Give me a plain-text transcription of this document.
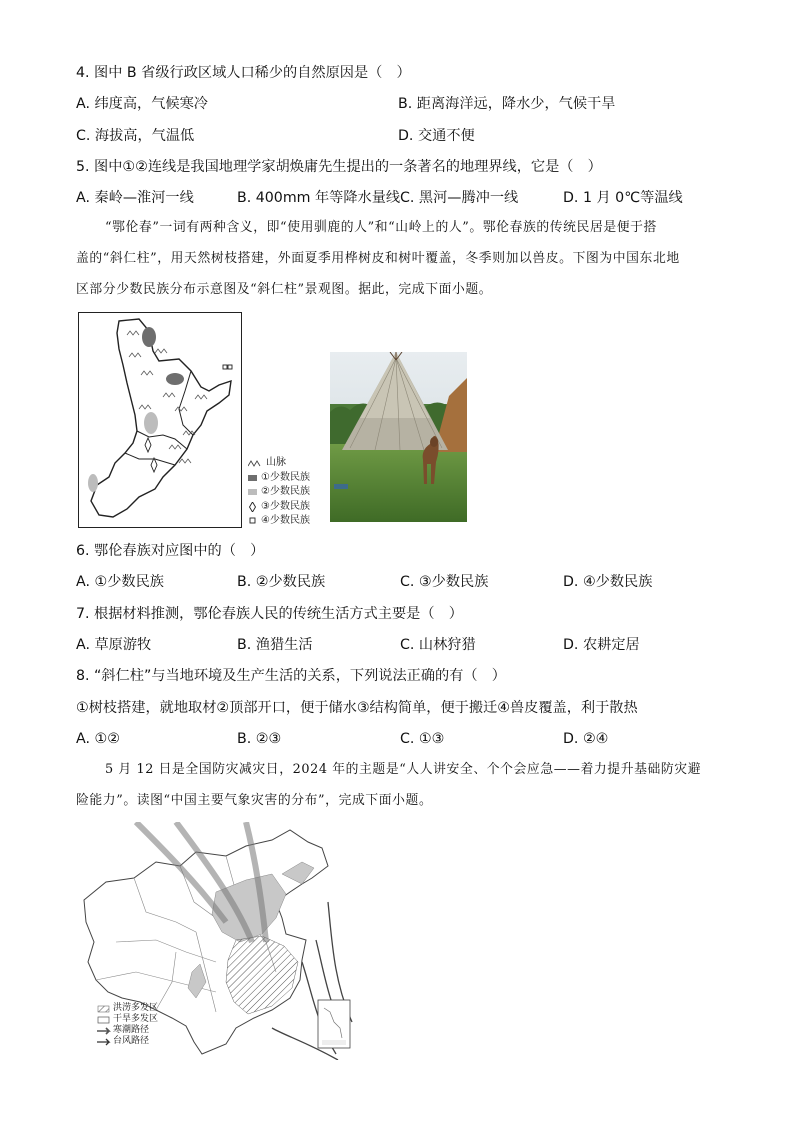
4. 图中 B 省级行政区域人口稀少的自然原因是（　）
A. 纬度高，气候寒冷	B. 距离海洋远，降水少，气候干旱
C. 海拔高，气温低	D. 交通不便
5. 图中①②连线是我国地理学家胡焕庸先生提出的一条著名的地理界线，它是（　）
A. 秦岭—淮河一线	B. 400mm 年等降水量线 C. 黑河—腾冲一线	D. 1 月 0℃等温线
“鄂伦春”一词有两种含义，即“使用驯鹿的人”和“山岭上的人”。鄂伦春族的传统民居是便于搭
盖的“斜仁柱”，用天然树枝搭建，外面夏季用桦树皮和树叶覆盖，冬季则加以兽皮。下图为中国东北地
区部分少数民族分布示意图及“斜仁柱”景观图。据此，完成下面小题。
山脉
①少数民族
②少数民族
③少数民族
④少数民族
6. 鄂伦春族对应图中的（　）
A. ①少数民族	B. ②少数民族	C. ③少数民族	D. ④少数民族
7. 根据材料推测，鄂伦春族人民的传统生活方式主要是（　）
A. 草原游牧	B. 渔猎生活	C. 山林狩猎	D. 农耕定居
8. “斜仁柱”与当地环境及生产生活的关系，下列说法正确的有（　）
①树枝搭建，就地取材②顶部开口，便于储水③结构简单，便于搬迁④兽皮覆盖，利于散热
A. ①②	B. ②③	C. ①③	D. ②④
5 月 12 日是全国防灾减灾日，2024 年的主题是“人人讲安全、个个会应急——着力提升基础防灾避
险能力”。读图“中国主要气象灾害的分布”，完成下面小题。
洪涝多发区
干旱多发区
寒潮路径
台风路径
